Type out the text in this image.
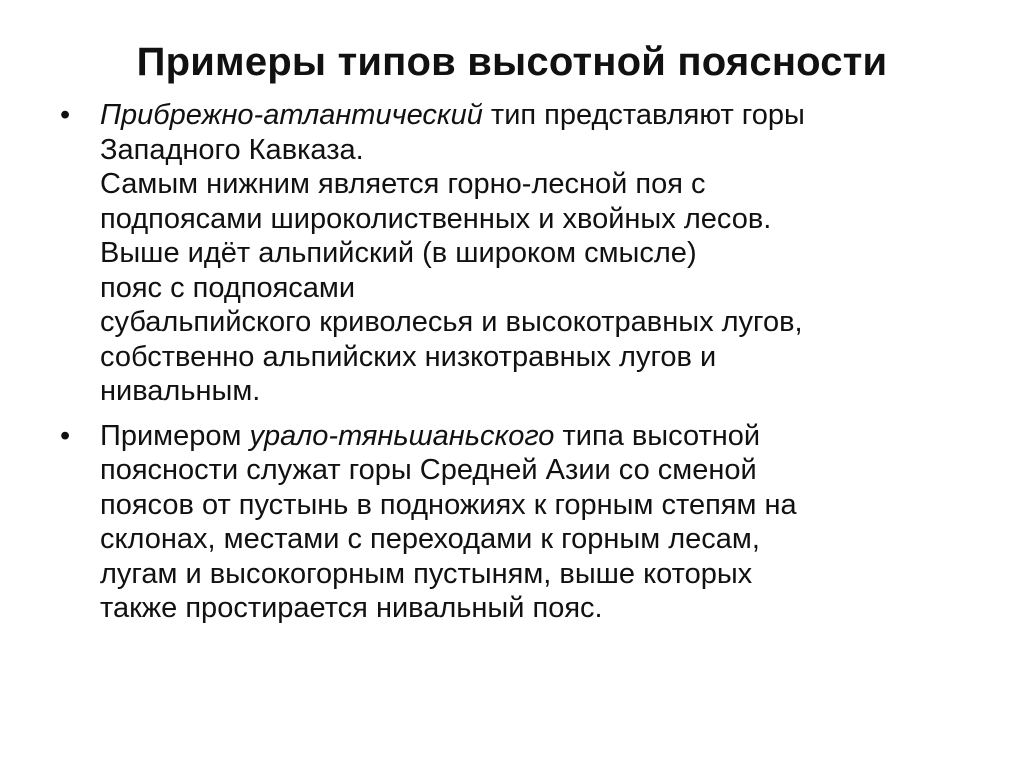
Примеры типов высотной поясности
•	Прибрежно-атлантический тип представляют горы
Западного Кавказа.
Самым нижним является горно-лесной поя с
подпоясами широколиственных и хвойных лесов.
Выше идёт альпийский (в широком смысле)
пояс с подпоясами
субальпийского криволесья и высокотравных лугов,
собственно альпийских низкотравных лугов и
нивальным.
•	Примером урало-тяньшаньского типа высотной
поясности служат горы Средней Азии со сменой
поясов от пустынь в подножиях к горным степям на
склонах, местами с переходами к горным лесам,
лугам и высокогорным пустыням, выше которых
также простирается нивальный пояс.
